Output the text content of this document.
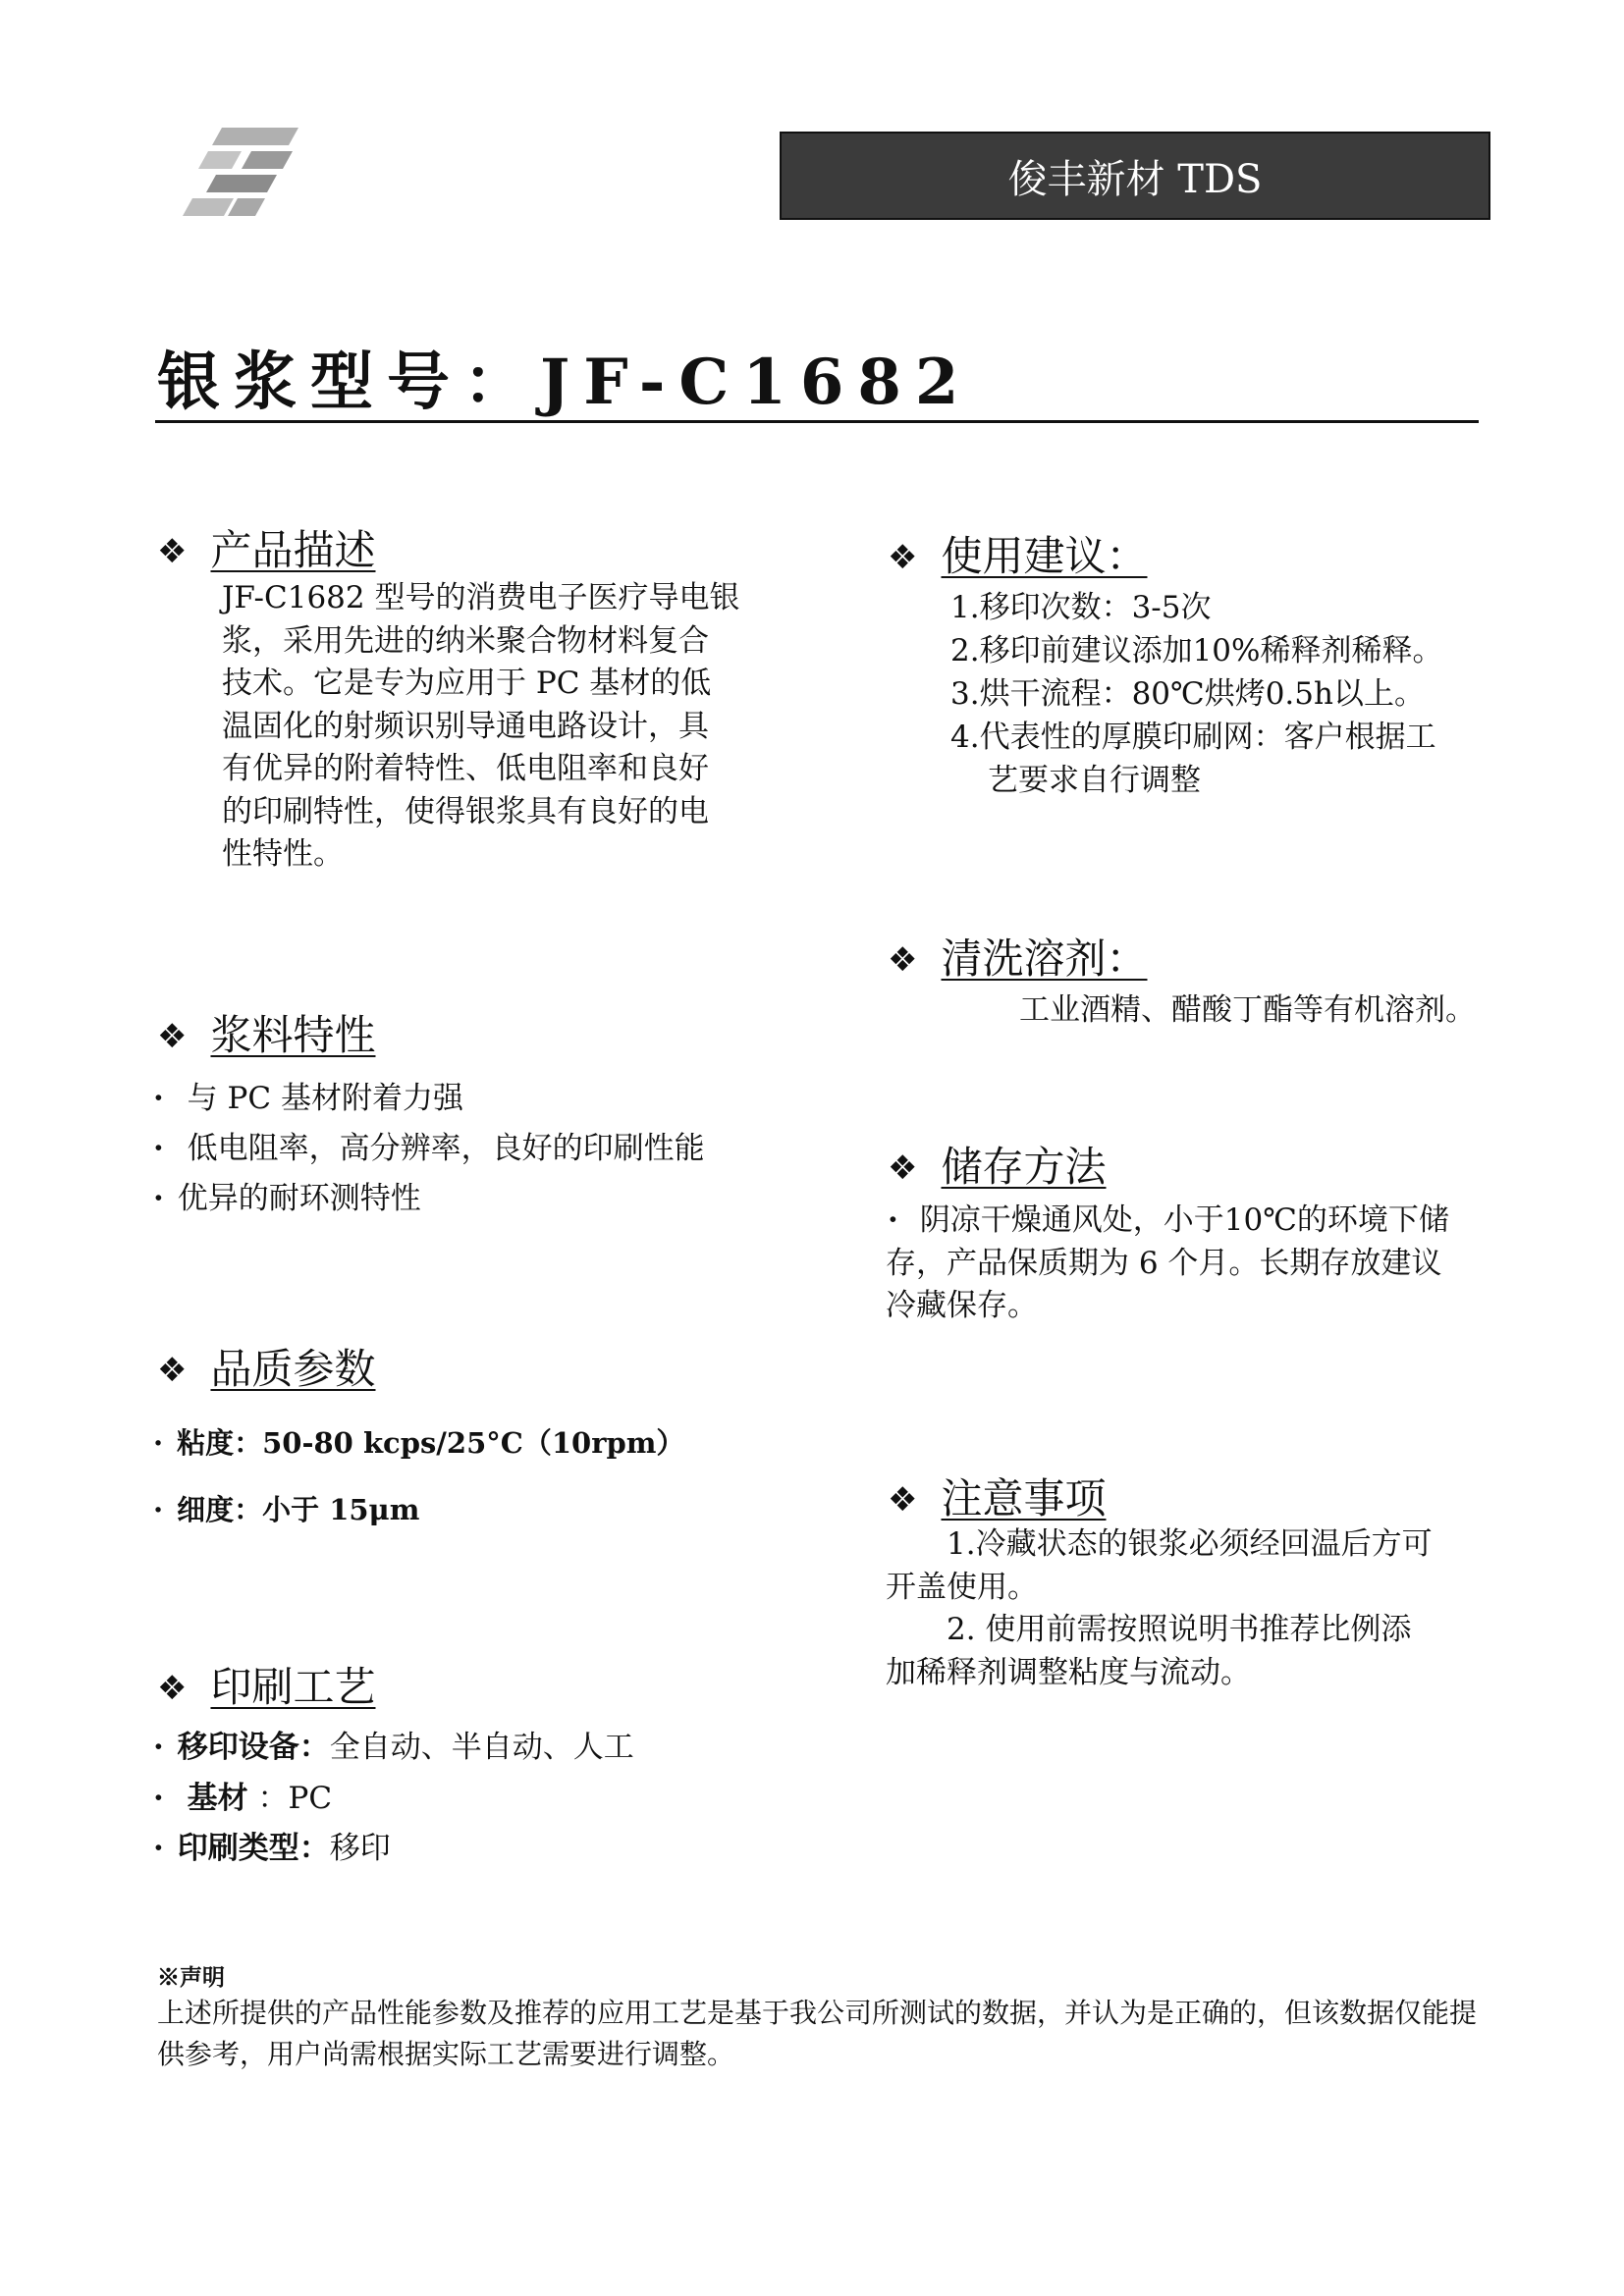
俊丰新材 TDS
银浆型号：JF-C1682
❖ 产品描述
JF-C1682 型号的消费电子医疗导电银
浆，采用先进的纳米聚合物材料复合
技术。它是专为应用于 PC 基材的低
温固化的射频识别导通电路设计，具
有优异的附着特性、低电阻率和良好
的印刷特性，使得银浆具有良好的电
性特性。
❖ 浆料特性
· 与 PC 基材附着力强
· 低电阻率，高分辨率，良好的印刷性能
· 优异的耐环测特性
❖ 品质参数
· 粘度：50-80 kcps/25°C（10rpm）
· 细度：小于 15μm
❖ 印刷工艺
· 移印设备：全自动、半自动、人工
· 基材 ：PC
· 印刷类型：移印
❖ 使用建议：
1.移印次数：3-5次
2.移印前建议添加10%稀释剂稀释。
3.烘干流程：80℃烘烤0.5h以上。
4.代表性的厚膜印刷网：客户根据工
艺要求自行调整
❖ 清洗溶剂：
工业酒精、醋酸丁酯等有机溶剂。
❖ 储存方法
· 阴凉干燥通风处，小于10℃的环境下储
存，产品保质期为 6 个月。长期存放建议
冷藏保存。
❖ 注意事项
1.冷藏状态的银浆必须经回温后方可
开盖使用。
2. 使用前需按照说明书推荐比例添
加稀释剂调整粘度与流动。
※声明
上述所提供的产品性能参数及推荐的应用工艺是基于我公司所测试的数据，并认为是正确的，但该数据仅能提供参考，用户尚需根据实际工艺需要进行调整。
